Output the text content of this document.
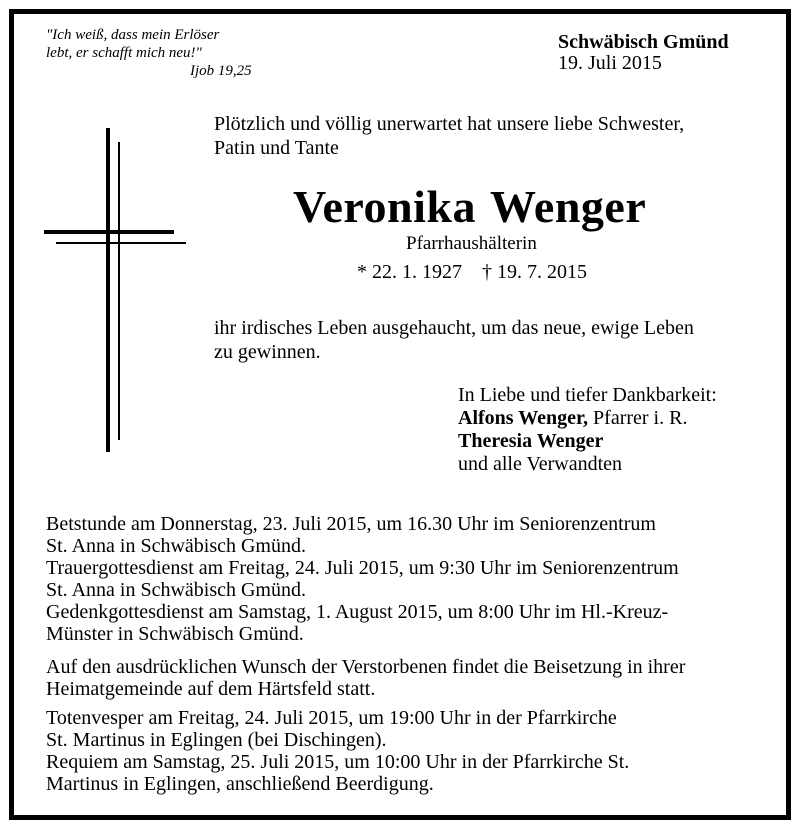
"Ich weiß, dass mein Erlöser
lebt, er schafft mich neu!"
Ijob 19,25
Schwäbisch Gmünd
19. Juli 2015
Plötzlich und völlig unerwartet hat unsere liebe Schwester,
Patin und Tante
Veronika Wenger
Pfarrhaushälterin
* 22. 1. 1927 † 19. 7. 2015
ihr irdisches Leben ausgehaucht, um das neue, ewige Leben
zu gewinnen.
In Liebe und tiefer Dankbarkeit:
Alfons Wenger, Pfarrer i. R.
Theresia Wenger
und alle Verwandten
Betstunde am Donnerstag, 23. Juli 2015, um 16.30 Uhr im Seniorenzentrum
St. Anna in Schwäbisch Gmünd.
Trauergottesdienst am Freitag, 24. Juli 2015, um 9:30 Uhr im Seniorenzentrum
St. Anna in Schwäbisch Gmünd.
Gedenkgottesdienst am Samstag, 1. August 2015, um 8:00 Uhr im Hl.-Kreuz-
Münster in Schwäbisch Gmünd.
Auf den ausdrücklichen Wunsch der Verstorbenen findet die Beisetzung in ihrer
Heimatgemeinde auf dem Härtsfeld statt.
Totenvesper am Freitag, 24. Juli 2015, um 19:00 Uhr in der Pfarrkirche
St. Martinus in Eglingen (bei Dischingen).
Requiem am Samstag, 25. Juli 2015, um 10:00 Uhr in der Pfarrkirche St.
Martinus in Eglingen, anschließend Beerdigung.
